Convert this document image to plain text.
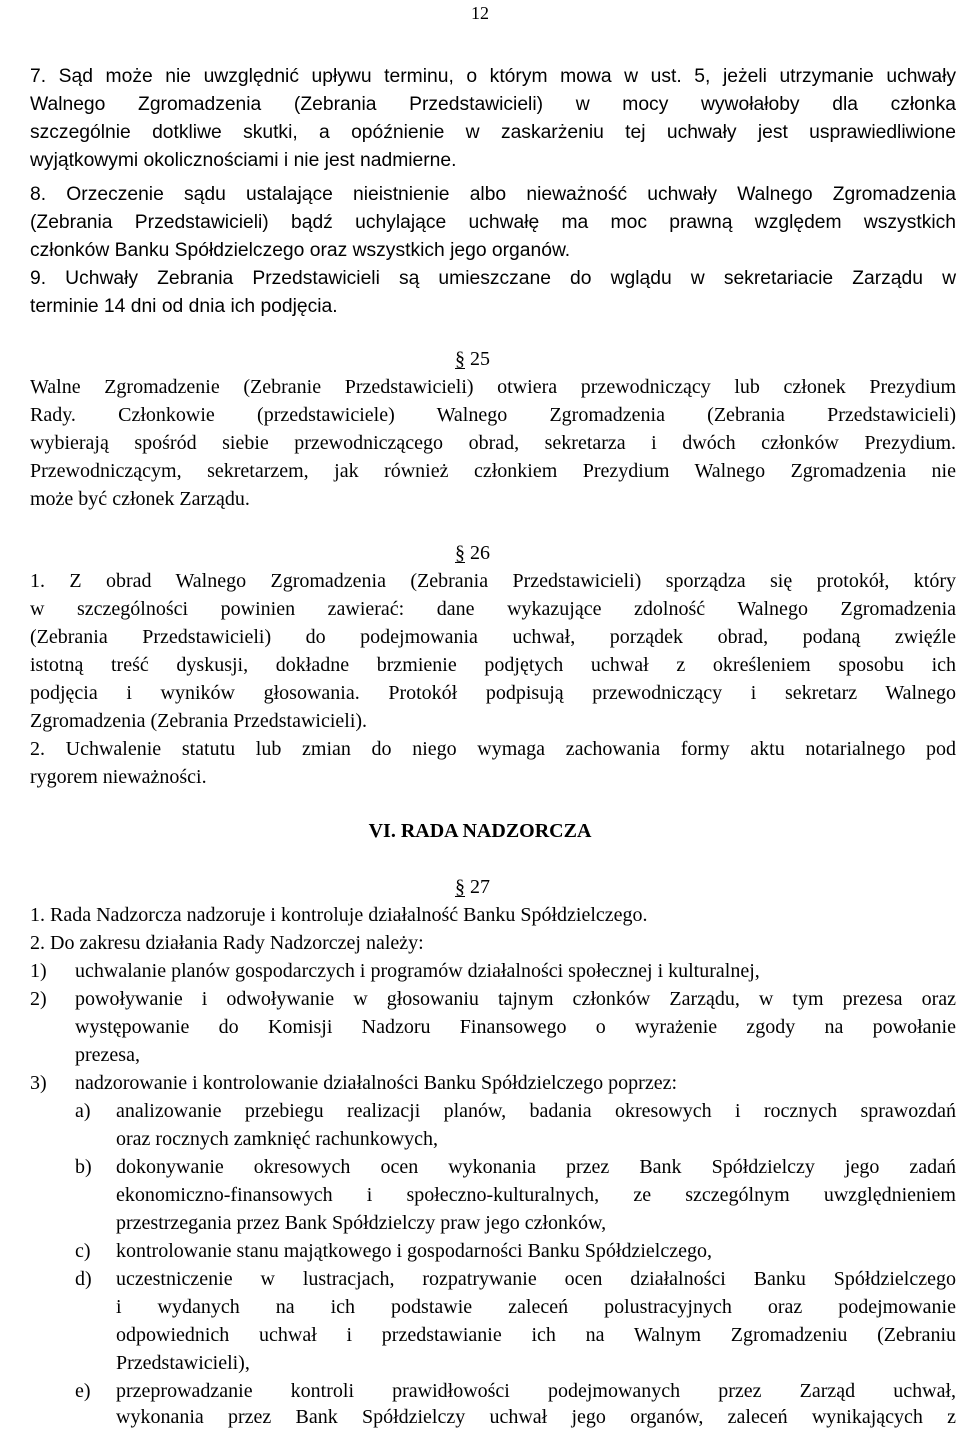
12
7. Sąd może nie uwzględnić upływu terminu, o którym mowa w ust. 5, jeżeli utrzymanie uchwały
Walnego Zgromadzenia (Zebrania Przedstawicieli) w mocy wywołałoby dla członka
szczególnie dotkliwe skutki, a opóźnienie w zaskarżeniu tej uchwały jest usprawiedliwione
wyjątkowymi okolicznościami i nie jest nadmierne.
8. Orzeczenie sądu ustalające nieistnienie albo nieważność uchwały Walnego Zgromadzenia
(Zebrania Przedstawicieli) bądź uchylające uchwałę ma moc prawną względem wszystkich
członków Banku Spółdzielczego oraz wszystkich jego organów.
9. Uchwały Zebrania Przedstawicieli są umieszczane do wglądu w sekretariacie Zarządu w
terminie 14 dni od dnia ich podjęcia.
§ 25
Walne Zgromadzenie (Zebranie Przedstawicieli) otwiera przewodniczący lub członek Prezydium
Rady. Członkowie (przedstawiciele) Walnego Zgromadzenia (Zebrania Przedstawicieli)
wybierają spośród siebie przewodniczącego obrad, sekretarza i dwóch członków Prezydium.
Przewodniczącym, sekretarzem, jak również członkiem Prezydium Walnego Zgromadzenia nie
może być członek Zarządu.
§ 26
1. Z obrad Walnego Zgromadzenia (Zebrania Przedstawicieli) sporządza się protokół, który
w szczególności powinien zawierać: dane wykazujące zdolność Walnego Zgromadzenia
(Zebrania Przedstawicieli) do podejmowania uchwał, porządek obrad, podaną zwięźle
istotną treść dyskusji, dokładne brzmienie podjętych uchwał z określeniem sposobu ich
podjęcia i wyników głosowania. Protokół podpisują przewodniczący i sekretarz Walnego
Zgromadzenia (Zebrania Przedstawicieli).
2. Uchwalenie statutu lub zmian do niego wymaga zachowania formy aktu notarialnego pod
rygorem nieważności.
VI. RADA NADZORCZA
§ 27
1. Rada Nadzorcza nadzoruje i kontroluje działalność Banku Spółdzielczego.
2. Do zakresu działania Rady Nadzorczej należy:
1) uchwalanie planów gospodarczych i programów działalności społecznej i kulturalnej,
2) powoływanie i odwoływanie w głosowaniu tajnym członków Zarządu, w tym prezesa oraz
występowanie do Komisji Nadzoru Finansowego o wyrażenie zgody na powołanie
prezesa,
3) nadzorowanie i kontrolowanie działalności Banku Spółdzielczego poprzez:
a) analizowanie przebiegu realizacji planów, badania okresowych i rocznych sprawozdań
oraz rocznych zamknięć rachunkowych,
b) dokonywanie okresowych ocen wykonania przez Bank Spółdzielczy jego zadań
ekonomiczno-finansowych i społeczno-kulturalnych, ze szczególnym uwzględnieniem
przestrzegania przez Bank Spółdzielczy praw jego członków,
c) kontrolowanie stanu majątkowego i gospodarności Banku Spółdzielczego,
d) uczestniczenie w lustracjach, rozpatrywanie ocen działalności Banku Spółdzielczego
i wydanych na ich podstawie zaleceń polustracyjnych oraz podejmowanie
odpowiednich uchwał i przedstawianie ich na Walnym Zgromadzeniu (Zebraniu
Przedstawicieli),
e) przeprowadzanie kontroli prawidłowości podejmowanych przez Zarząd uchwał,
wykonania przez Bank Spółdzielczy uchwał jego organów, zaleceń wynikających z
